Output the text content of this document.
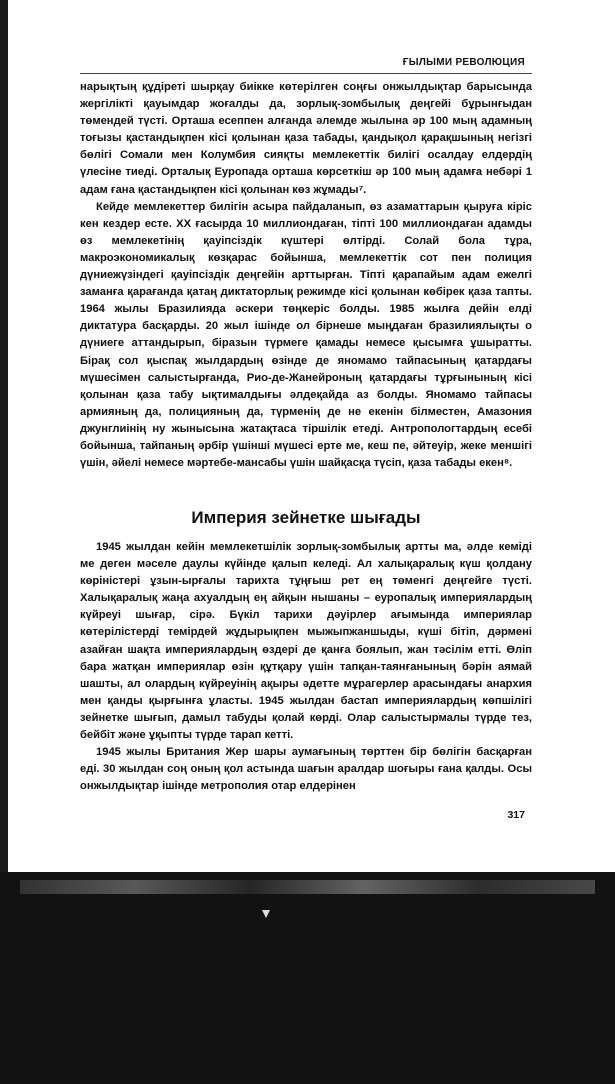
ҒЫЛЫМИ РЕВОЛЮЦИЯ

нарықтың құдіреті шырқау биікке көтерілген соңғы онжылдықтар барысында жергілікті қауымдар жоғалды да, зорлық-зомбылық деңгейі бұрынғыдан төмендей түсті. Орташа есеппен алғанда әлемде жылына әр 100 мың адамның тоғызы қастандықпен кісі қолынан қаза табады, қандықол қарақшының негізгі бөлігі Сомали мен Колумбия сияқты мемлекеттік билігі осалдау елдердің үлесіне тиеді. Орталық Еуропада орташа көрсеткіш әр 100 мың адамға небәрі 1 адам ғана қастандықпен кісі қолынан көз жұмады⁷.

Кейде мемлекеттер билігін асыра пайдаланып, өз азаматтарын қыруға кіріс кен кездер есте. XX ғасырда 10 миллиондаған, тіпті 100 миллиондаған адамды өз мемлекетінің қауіпсіздік күштері өлтірді. Солай бола тұра, макроэкономикалық көзқарас бойынша, мемлекеттік сот пен полиция дүниежүзіндегі қауіпсіздік деңгейін арттырған. Тіпті қарапайым адам ежелгі заманға қарағанда қатаң диктаторлық режимде кісі қолынан көбірек қаза тапты. 1964 жылы Бразилияда әскери төңкеріс болды. 1985 жылға дейін елді диктатура басқарды. 20 жыл ішінде ол бірнеше мыңдаған бразилиялықты о дүниеге аттандырып, біразын түрмеге қамады немесе қысымға ұшыратты. Бірақ сол қыспақ жылдардың өзінде де яномамо тайпасының қатардағы мүшесімен салыстырғанда, Рио-де-Жанейроның қатардағы тұрғынының кісі қолынан қаза табу ықтималдығы әлдеқайда аз болды. Яномамо тайпасы армияның да, полицияның да, түрменің де не екенін білместен, Амазония джунглиінің ну жынысына жатақтаса тіршілік етеді. Антропологтардың есебі бойынша, тайпаның әрбір үшінші мүшесі ерте ме, кеш пе, әйтеуір, жеке меншігі үшін, әйелі немесе мәртебе-мансабы үшін шайқасқа түсіп, қаза табады екен⁸.

Империя зейнетке шығады

1945 жылдан кейін мемлекетшілік зорлық-зомбылық артты ма, әлде кеміді ме деген мәселе даулы күйінде қалып келеді. Ал халықаралық күш қолдану көріністері ұзын-ырғалы тарихта тұңғыш рет ең төменгі деңгейге түсті. Халықаралық жаңа ахуалдың ең айқын нышаны – еуропалық империялардың күйреуі шығар, сірә. Бүкіл тарихи дәуірлер ағымында империялар көтерілістерді темірдей жұдырықпен мыжыпжаншыды, күші бітіп, дәрмені азайған шақта империялардың өздері де қанға боялып, жан тәсілім етті. Өліп бара жатқан империялар өзін құтқару үшін тапқан-таянғанының бәрін аямай шашты, ал олардың күйреуінің ақыры әдетте мұрагерлер арасындағы анархия мен қанды қырғынға ұласты. 1945 жылдан бастап империялардың көпшілігі зейнетке шығып, дамыл табуды қолай көрді. Олар салыстырмалы түрде тез, бейбіт және ұқыпты түрде тарап кетті.

1945 жылы Британия Жер шары аумағының төрттен бір бөлігін басқарған еді. 30 жылдан соң оның қол астында шағын аралдар шоғыры ғана қалды. Осы онжылдықтар ішінде метрополия отар елдерінен

317
